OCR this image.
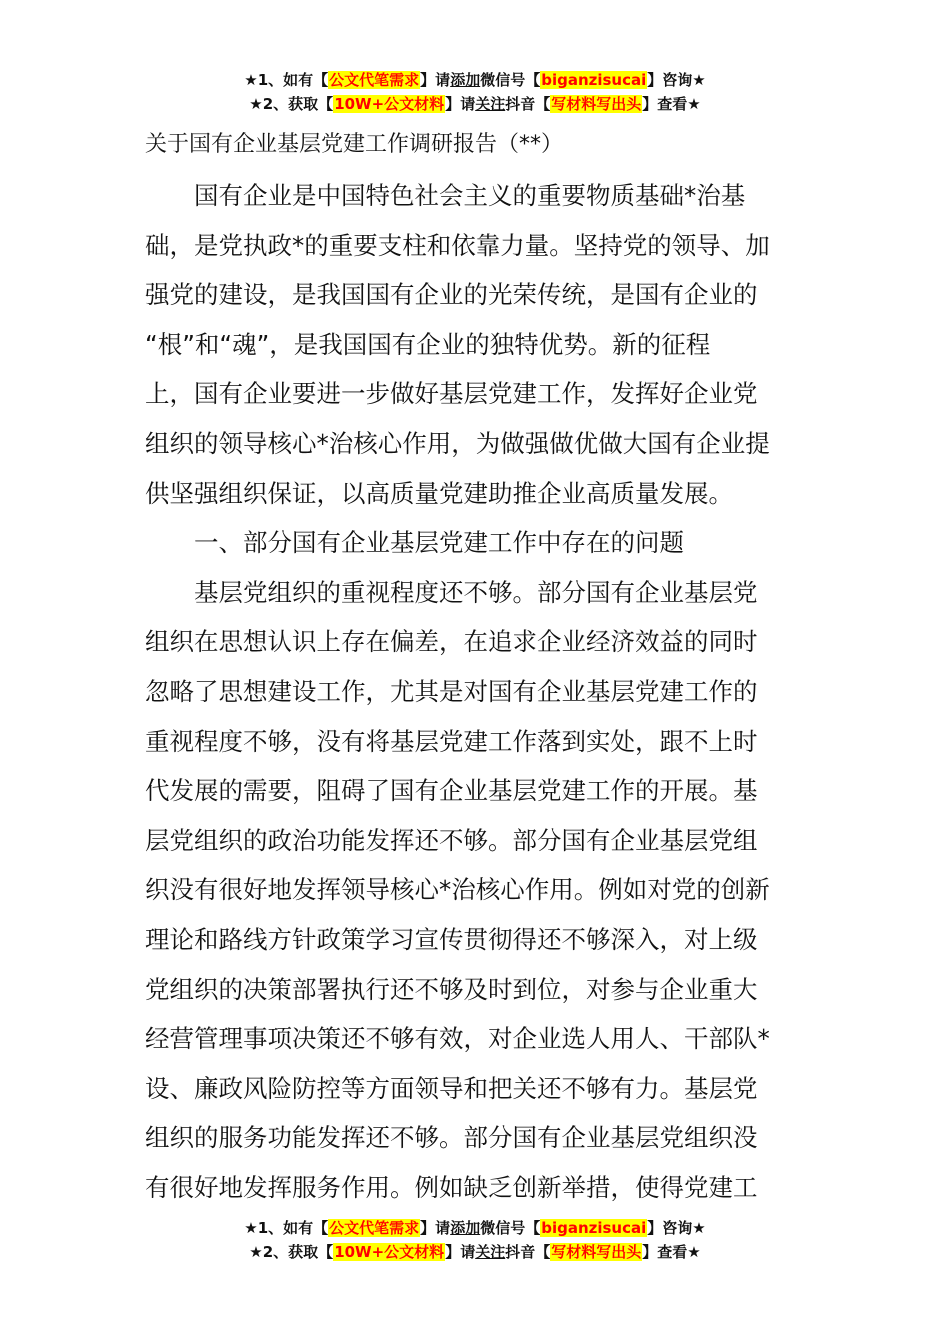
★1、如有【公文代笔需求】请添加微信号【biganzisucai】咨询★
★2、获取【10W+公文材料】请关注抖音【写材料写出头】查看★
关于国有企业基层党建工作调研报告（**）
国有企业是中国特色社会主义的重要物质基础*治基
础，是党执政*的重要支柱和依靠力量。坚持党的领导、加
强党的建设，是我国国有企业的光荣传统，是国有企业的
“根”和“魂”，是我国国有企业的独特优势。新的征程
上，国有企业要进一步做好基层党建工作，发挥好企业党
组织的领导核心*治核心作用，为做强做优做大国有企业提
供坚强组织保证，以高质量党建助推企业高质量发展。
一、部分国有企业基层党建工作中存在的问题
基层党组织的重视程度还不够。部分国有企业基层党
组织在思想认识上存在偏差，在追求企业经济效益的同时
忽略了思想建设工作，尤其是对国有企业基层党建工作的
重视程度不够，没有将基层党建工作落到实处，跟不上时
代发展的需要，阻碍了国有企业基层党建工作的开展。基
层党组织的政治功能发挥还不够。部分国有企业基层党组
织没有很好地发挥领导核心*治核心作用。例如对党的创新
理论和路线方针政策学习宣传贯彻得还不够深入，对上级
党组织的决策部署执行还不够及时到位，对参与企业重大
经营管理事项决策还不够有效，对企业选人用人、干部队*
设、廉政风险防控等方面领导和把关还不够有力。基层党
组织的服务功能发挥还不够。部分国有企业基层党组织没
有很好地发挥服务作用。例如缺乏创新举措，使得党建工
★1、如有【公文代笔需求】请添加微信号【biganzisucai】咨询★
★2、获取【10W+公文材料】请关注抖音【写材料写出头】查看★
